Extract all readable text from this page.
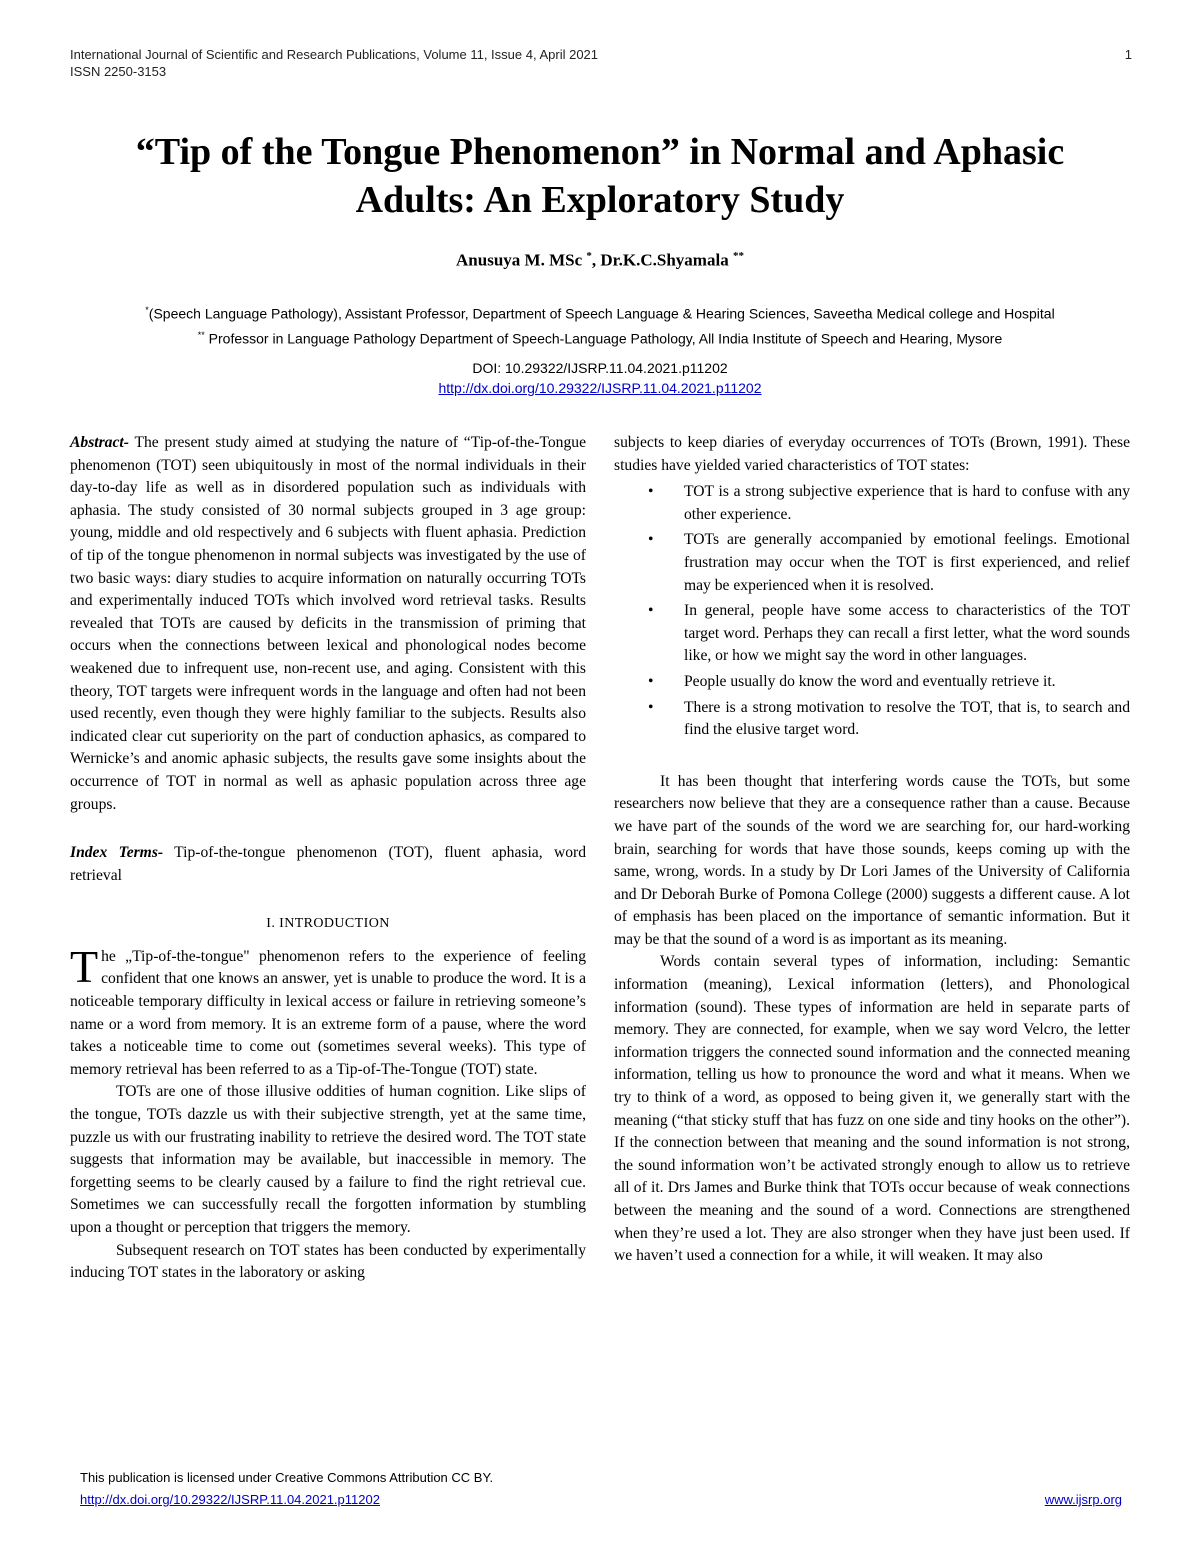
International Journal of Scientific and Research Publications, Volume 11, Issue 4, April 2021
ISSN 2250-3153
1
“Tip of the Tongue Phenomenon” in Normal and Aphasic
Adults: An Exploratory Study
Anusuya M. MSc *, Dr.K.C.Shyamala **
*(Speech Language Pathology), Assistant Professor, Department of Speech Language & Hearing Sciences, Saveetha Medical college and Hospital
** Professor in Language Pathology Department of Speech-Language Pathology, All India Institute of Speech and Hearing, Mysore
DOI: 10.29322/IJSRP.11.04.2021.p11202
http://dx.doi.org/10.29322/IJSRP.11.04.2021.p11202

Abstract- The present study aimed at studying the nature of “Tip-of-the-Tongue phenomenon (TOT) seen ubiquitously in most of the normal individuals in their day-to-day life as well as in disordered population such as individuals with aphasia. The study consisted of 30 normal subjects grouped in 3 age group: young, middle and old respectively and 6 subjects with fluent aphasia. Prediction of tip of the tongue phenomenon in normal subjects was investigated by the use of two basic ways: diary studies to acquire information on naturally occurring TOTs and experimentally induced TOTs which involved word retrieval tasks. Results revealed that TOTs are caused by deficits in the transmission of priming that occurs when the connections between lexical and phonological nodes become weakened due to infrequent use, non-recent use, and aging. Consistent with this theory, TOT targets were infrequent words in the language and often had not been used recently, even though they were highly familiar to the subjects. Results also indicated clear cut superiority on the part of conduction aphasics, as compared to Wernicke’s and anomic aphasic subjects, the results gave some insights about the occurrence of TOT in normal as well as aphasic population across three age groups.

Index Terms- Tip-of-the-tongue phenomenon (TOT), fluent aphasia, word retrieval

I. INTRODUCTION

The „Tip-of-the-tongue" phenomenon refers to the experience of feeling confident that one knows an answer, yet is unable to produce the word. It is a noticeable temporary difficulty in lexical access or failure in retrieving someone’s name or a word from memory. It is an extreme form of a pause, where the word takes a noticeable time to come out (sometimes several weeks). This type of memory retrieval has been referred to as a Tip-of-The-Tongue (TOT) state.

TOTs are one of those illusive oddities of human cognition. Like slips of the tongue, TOTs dazzle us with their subjective strength, yet at the same time, puzzle us with our frustrating inability to retrieve the desired word. The TOT state suggests that information may be available, but inaccessible in memory. The forgetting seems to be clearly caused by a failure to find the right retrieval cue. Sometimes we can successfully recall the forgotten information by stumbling upon a thought or perception that triggers the memory.

Subsequent research on TOT states has been conducted by experimentally inducing TOT states in the laboratory or asking

subjects to keep diaries of everyday occurrences of TOTs (Brown, 1991). These studies have yielded varied characteristics of TOT states:

• TOT is a strong subjective experience that is hard to confuse with any other experience.
• TOTs are generally accompanied by emotional feelings. Emotional frustration may occur when the TOT is first experienced, and relief may be experienced when it is resolved.
• In general, people have some access to characteristics of the TOT target word. Perhaps they can recall a first letter, what the word sounds like, or how we might say the word in other languages.
• People usually do know the word and eventually retrieve it.
• There is a strong motivation to resolve the TOT, that is, to search and find the elusive target word.

It has been thought that interfering words cause the TOTs, but some researchers now believe that they are a consequence rather than a cause. Because we have part of the sounds of the word we are searching for, our hard-working brain, searching for words that have those sounds, keeps coming up with the same, wrong, words. In a study by Dr Lori James of the University of California and Dr Deborah Burke of Pomona College (2000) suggests a different cause. A lot of emphasis has been placed on the importance of semantic information. But it may be that the sound of a word is as important as its meaning.

Words contain several types of information, including: Semantic information (meaning), Lexical information (letters), and Phonological information (sound). These types of information are held in separate parts of memory. They are connected, for example, when we say word Velcro, the letter information triggers the connected sound information and the connected meaning information, telling us how to pronounce the word and what it means. When we try to think of a word, as opposed to being given it, we generally start with the meaning (“that sticky stuff that has fuzz on one side and tiny hooks on the other”). If the connection between that meaning and the sound information is not strong, the sound information won’t be activated strongly enough to allow us to retrieve all of it. Drs James and Burke think that TOTs occur because of weak connections between the meaning and the sound of a word. Connections are strengthened when they’re used a lot. They are also stronger when they have just been used. If we haven’t used a connection for a while, it will weaken. It may also

This publication is licensed under Creative Commons Attribution CC BY.
http://dx.doi.org/10.29322/IJSRP.11.04.2021.p11202	www.ijsrp.org
